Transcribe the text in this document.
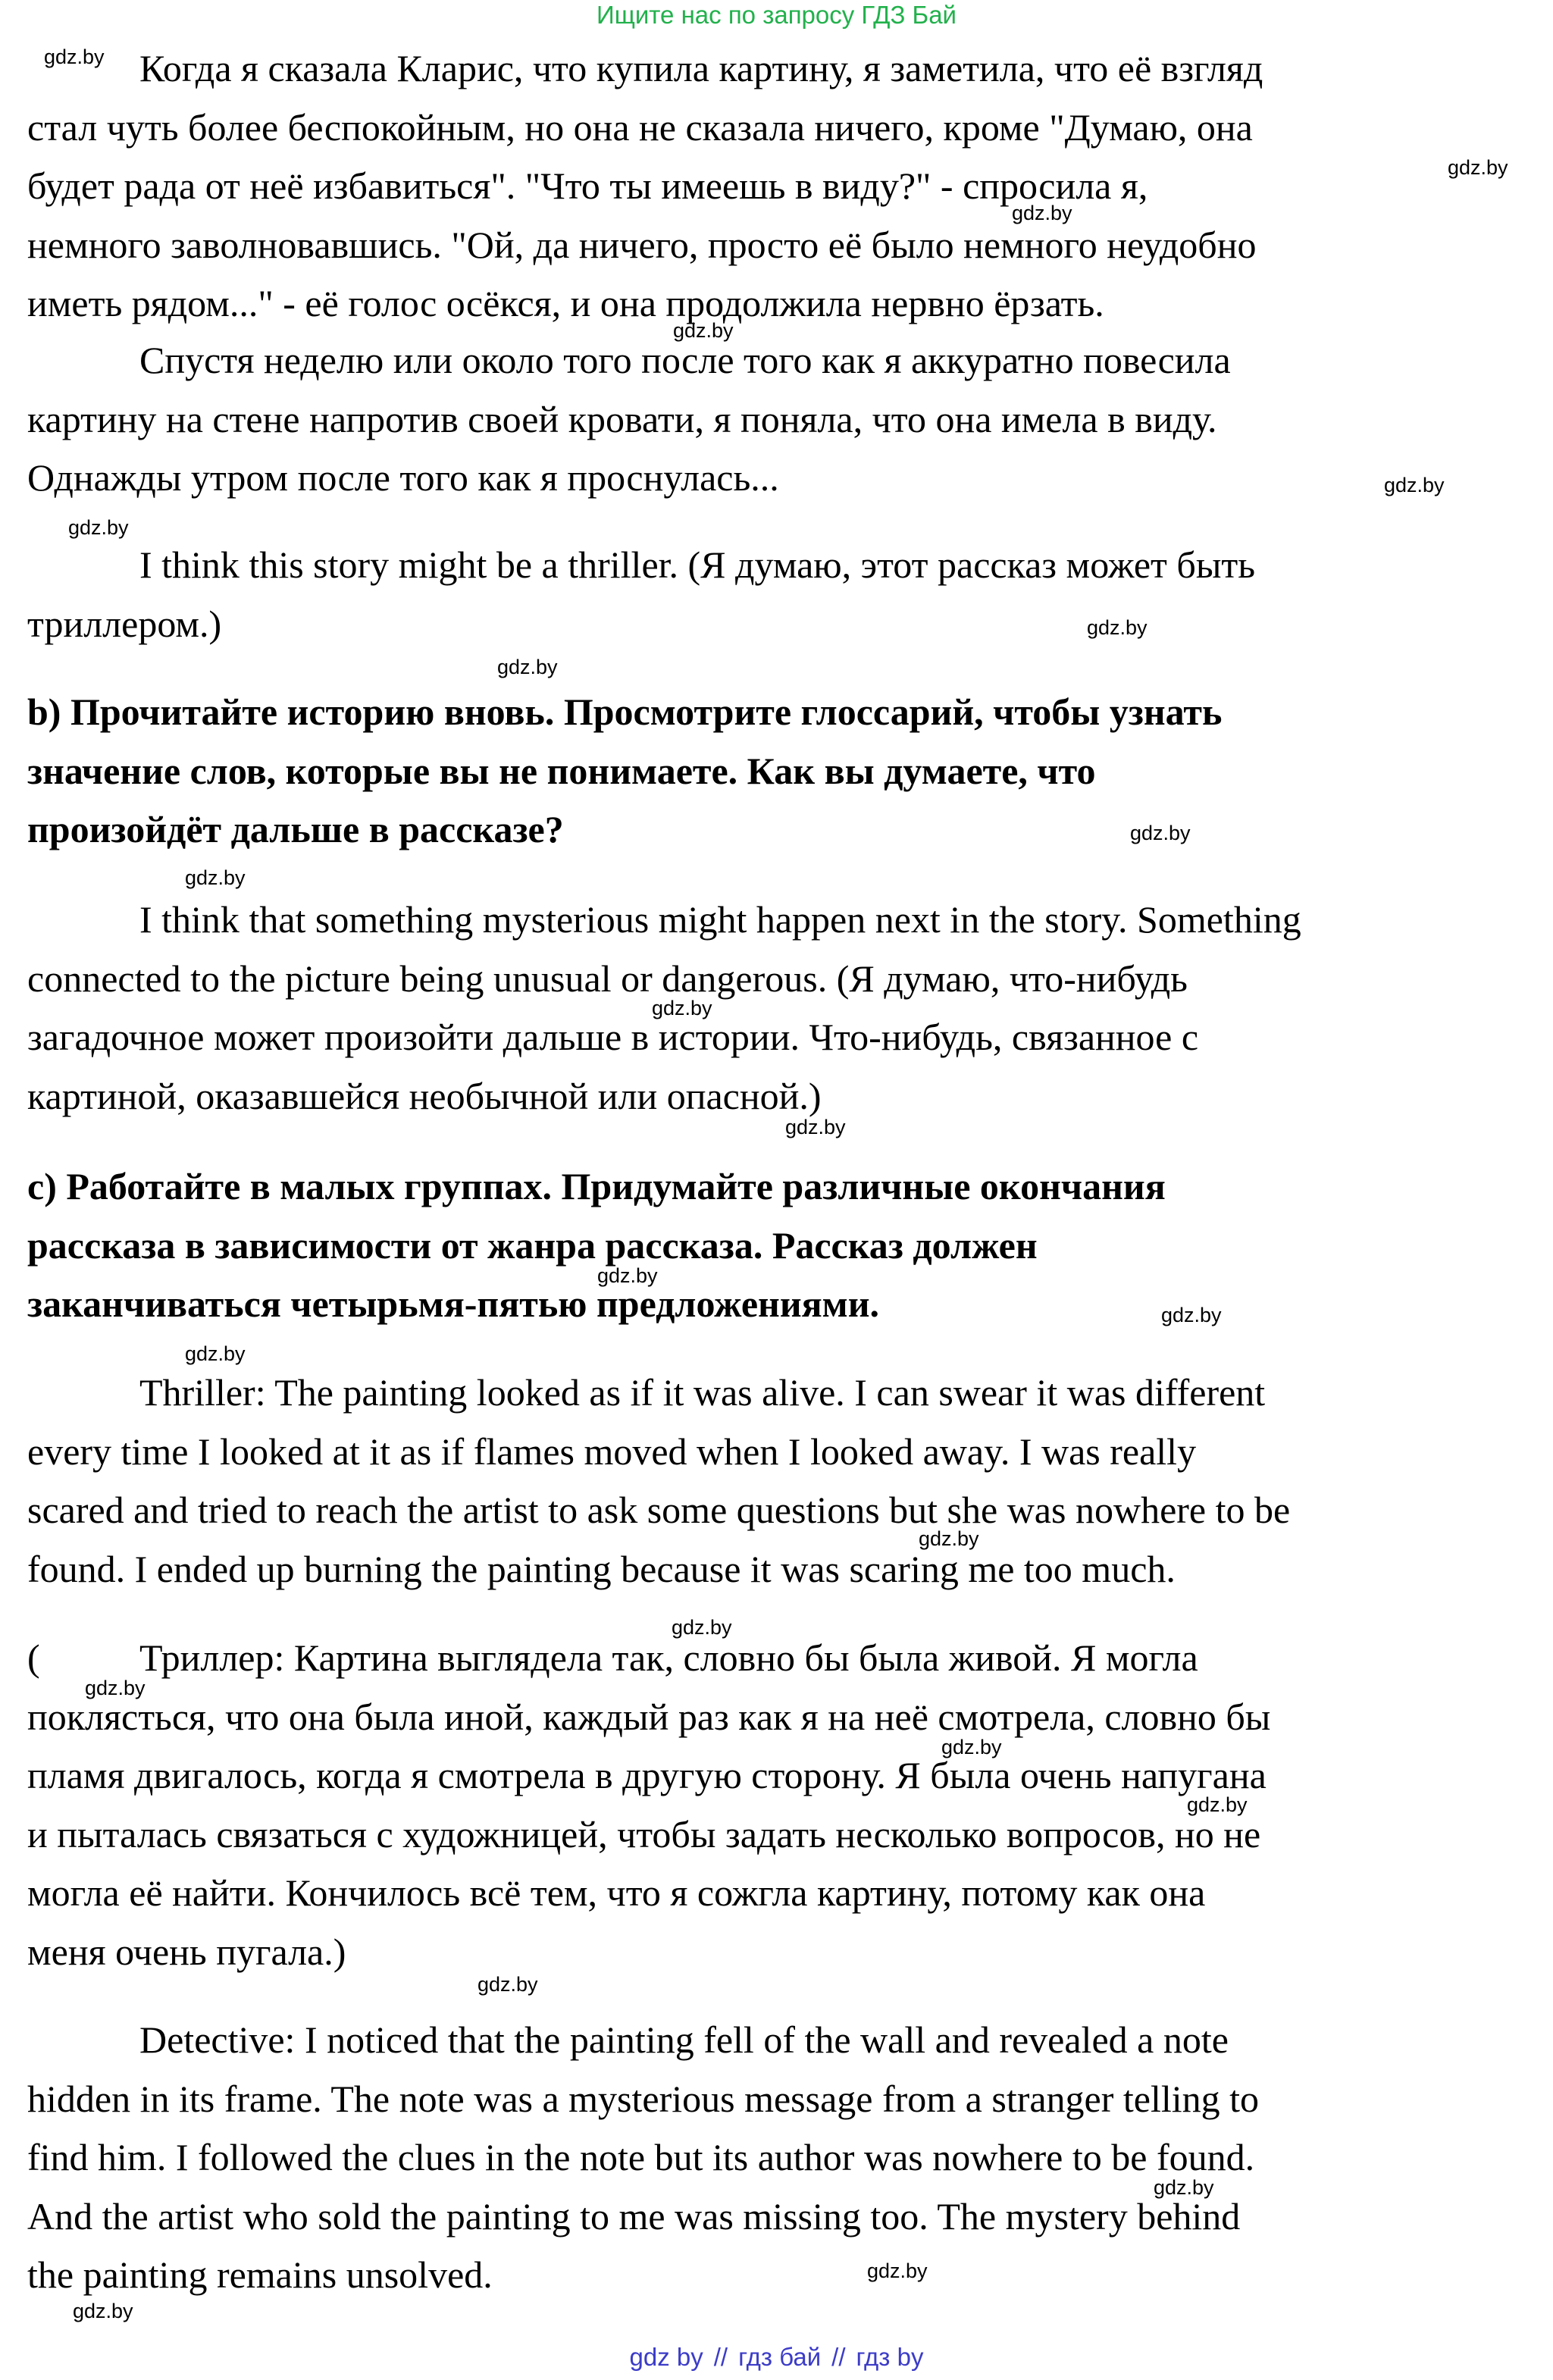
Ищите нас по запросу ГДЗ Бай
Когда я сказала Кларис, что купила картину, я заметила, что её взгляд
стал чуть более беспокойным, но она не сказала ничего, кроме "Думаю, она
будет рада от неё избавиться". "Что ты имеешь в виду?" - спросила я,
немного заволновавшись. "Ой, да ничего, просто её было немного неудобно
иметь рядом..." - её голос осёкся, и она продолжила нервно ёрзать.
Спустя неделю или около того после того как я аккуратно повесила
картину на стене напротив своей кровати, я поняла, что она имела в виду.
Однажды утром после того как я проснулась...
I think this story might be a thriller. (Я думаю, этот рассказ может быть
триллером.)
b) Прочитайте историю вновь. Просмотрите глоссарий, чтобы узнать
значение слов, которые вы не понимаете. Как вы думаете, что
произойдёт дальше в рассказе?
I think that something mysterious might happen next in the story. Something
connected to the picture being unusual or dangerous. (Я думаю, что-нибудь
загадочное может произойти дальше в истории. Что-нибудь, связанное с
картиной, оказавшейся необычной или опасной.)
c) Работайте в малых группах. Придумайте различные окончания
рассказа в зависимости от жанра рассказа. Рассказ должен
заканчиваться четырьмя-пятью предложениями.
Thriller: The painting looked as if it was alive. I can swear it was different
every time I looked at it as if flames moved when I looked away. I was really
scared and tried to reach the artist to ask some questions but she was nowhere to be
found. I ended up burning the painting because it was scaring me too much.
(	Триллер: Картина выглядела так, словно бы была живой. Я могла
поклясться, что она была иной, каждый раз как я на неё смотрела, словно бы
пламя двигалось, когда я смотрела в другую сторону. Я была очень напугана
и пыталась связаться с художницей, чтобы задать несколько вопросов, но не
могла её найти. Кончилось всё тем, что я сожгла картину, потому как она
меня очень пугала.)
Detective: I noticed that the painting fell of the wall and revealed a note
hidden in its frame. The note was a mysterious message from a stranger telling to
find him. I followed the clues in the note but its author was nowhere to be found.
And the artist who sold the painting to me was missing too. The mystery behind
the painting remains unsolved.
gdz.by
gdz.by
gdz.by
gdz.by
gdz.by
gdz.by
gdz.by
gdz.by
gdz.by
gdz.by
gdz.by
gdz.by
gdz.by
gdz.by
gdz.by
gdz.by
gdz.by
gdz.by
gdz.by
gdz.by
gdz.by
gdz.by
gdz.by
gdz.by
gdz by // гдз бай // гдз by
